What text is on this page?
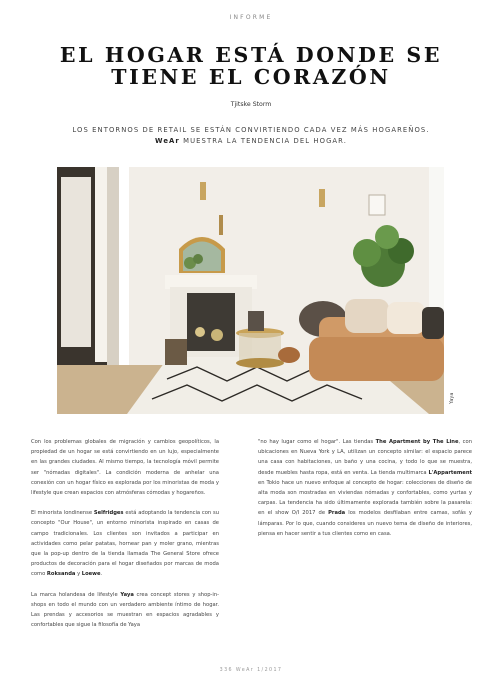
INFORME
EL HOGAR ESTÁ DONDE SE
TIENE EL CORAZÓN
Tjitske Storm
LOS ENTORNOS DE RETAIL SE ESTÁN CONVIRTIENDO CADA VEZ MÁS HOGAREÑOS.
WeAr MUESTRA LA TENDENCIA DEL HOGAR.
Yaya

Con los problemas globales de migración y cambios geopolíticos, la propiedad de un hogar se está convirtiendo en un lujo, especialmente en las grandes ciudades. Al mismo tiempo, la tecnología móvil permite ser "nómadas digitales". La condición moderna de anhelar una conexión con un hogar físico es explorada por los minoristas de moda y lifestyle que crean espacios con atmósferas cómodas y hogareños.

El minorista londinense Selfridges está adoptando la tendencia con su concepto "Our House", un entorno minorista inspirado en casas de campo tradicionales. Los clientes son invitados a participar en actividades como pelar patatas, hornear pan y moler grano, mientras que la pop-up dentro de la tienda llamada The General Store ofrece productos de decoración para el hogar diseñados por marcas de moda como Roksanda y Loewe.

La marca holandesa de lifestyle Yaya crea concept stores y shop-in-shops en todo el mundo con un verdadero ambiente íntimo de hogar. Las prendas y accesorios se muestran en espacios agradables y confortables que sigue la filosofía de Yaya

"no hay lugar como el hogar". Las tiendas The Apartment by The Line, con ubicaciones en Nueva York y LA, utilizan un concepto similar: el espacio parece una casa con habitaciones, un baño y una cocina, y todo lo que se muestra, desde muebles hasta ropa, está en venta. La tienda multimarca L'Appartement en Tokio hace un nuevo enfoque al concepto de hogar: colecciones de diseño de alta moda son mostradas en viviendas nómadas y confortables, como yurtas y carpas. La tendencia ha sido últimamente explorada también sobre la pasarela: en el show O/I 2017 de Prada los modelos desfilaban entre camas, sofás y lámparas. Por lo que, cuando consideres un nuevo tema de diseño de interiores, piensa en hacer sentir a tus clientes como en casa.

336 WeAr 1/2017
